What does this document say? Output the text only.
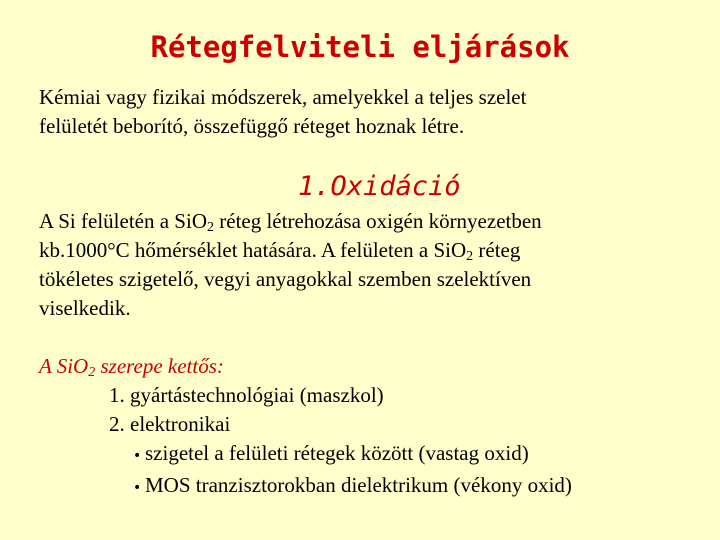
Rétegfelviteli eljárások
Kémiai vagy fizikai módszerek, amelyekkel a teljes szelet
felületét beborító, összefüggő réteget hoznak létre.
1.Oxidáció
A Si felületén a SiO$_2$ réteg létrehozása oxigén környezetben
kb.1000°C hőmérséklet hatására. A felületen a SiO$_2$ réteg
tökéletes szigetelő, vegyi anyagokkal szemben szelektíven
viselkedik.
A SiO$_2$ szerepe kettős:
1. gyártástechnológiai (maszkol)
2. elektronikai
• szigetel a felületi rétegek között (vastag oxid)
• MOS tranzisztorokban dielektrikum (vékony oxid)
